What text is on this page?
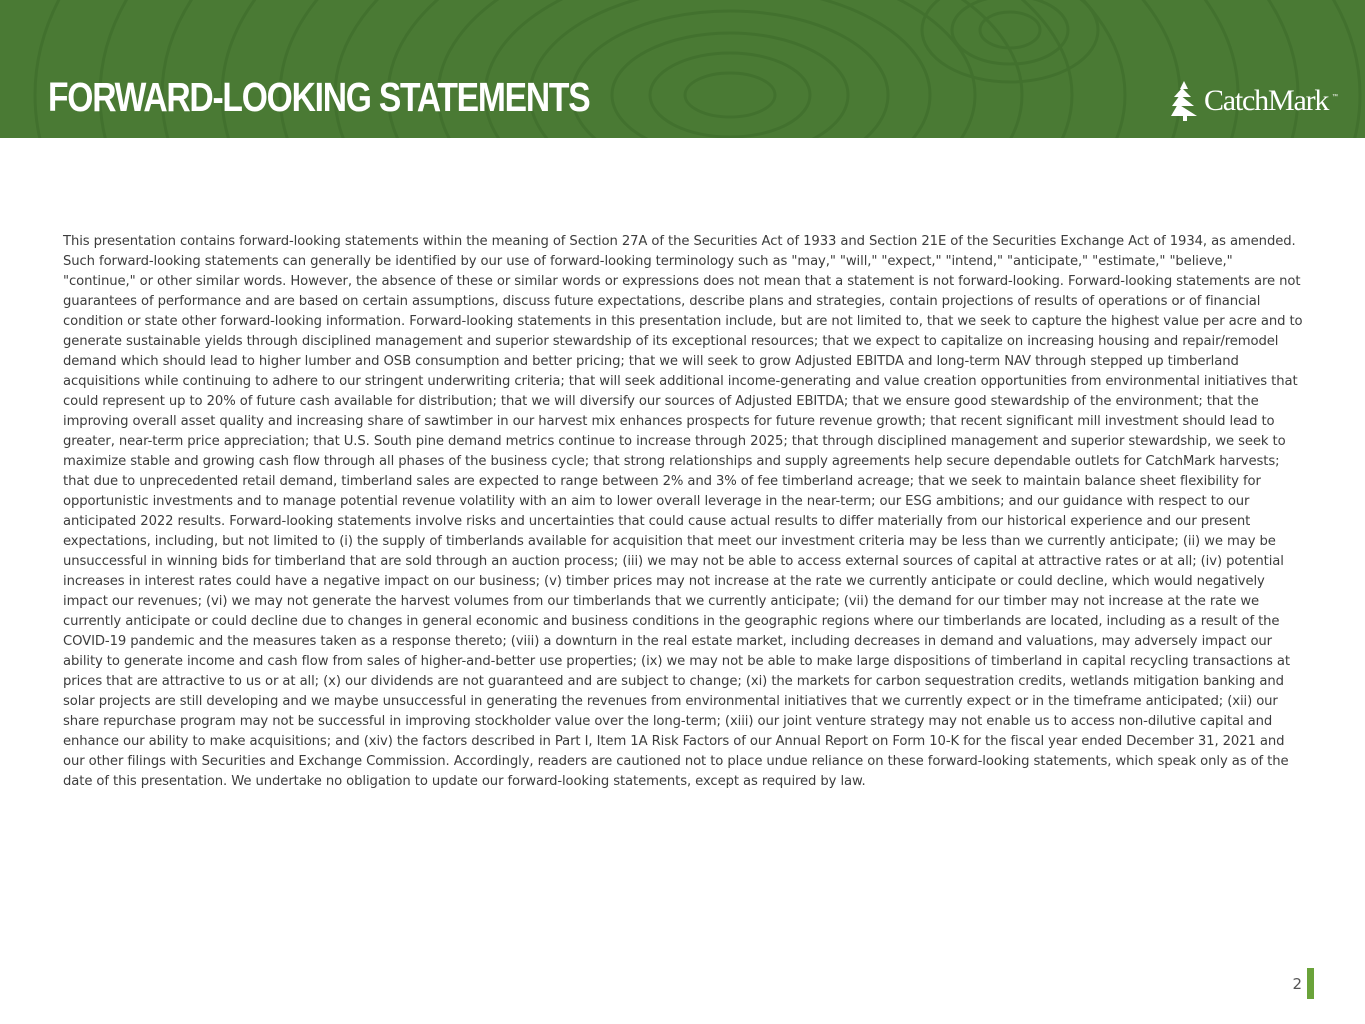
FORWARD-LOOKING STATEMENTS	CatchMark ™

This presentation contains forward-looking statements within the meaning of Section 27A of the Securities Act of 1933 and Section 21E of the Securities Exchange Act of 1934, as amended. Such forward-looking statements can generally be identified by our use of forward-looking terminology such as "may," "will," "expect," "intend," "anticipate," "estimate," "believe," "continue," or other similar words. However, the absence of these or similar words or expressions does not mean that a statement is not forward-looking. Forward-looking statements are not guarantees of performance and are based on certain assumptions, discuss future expectations, describe plans and strategies, contain projections of results of operations or of financial condition or state other forward-looking information. Forward-looking statements in this presentation include, but are not limited to, that we seek to capture the highest value per acre and to generate sustainable yields through disciplined management and superior stewardship of its exceptional resources; that we expect to capitalize on increasing housing and repair/remodel demand which should lead to higher lumber and OSB consumption and better pricing; that we will seek to grow Adjusted EBITDA and long-term NAV through stepped up timberland acquisitions while continuing to adhere to our stringent underwriting criteria; that will seek additional income-generating and value creation opportunities from environmental initiatives that could represent up to 20% of future cash available for distribution; that we will diversify our sources of Adjusted EBITDA; that we ensure good stewardship of the environment; that the improving overall asset quality and increasing share of sawtimber in our harvest mix enhances prospects for future revenue growth; that recent significant mill investment should lead to greater, near-term price appreciation; that U.S. South pine demand metrics continue to increase through 2025; that through disciplined management and superior stewardship, we seek to maximize stable and growing cash flow through all phases of the business cycle; that strong relationships and supply agreements help secure dependable outlets for CatchMark harvests; that due to unprecedented retail demand, timberland sales are expected to range between 2% and 3% of fee timberland acreage; that we seek to maintain balance sheet flexibility for opportunistic investments and to manage potential revenue volatility with an aim to lower overall leverage in the near-term; our ESG ambitions; and our guidance with respect to our anticipated 2022 results. Forward-looking statements involve risks and uncertainties that could cause actual results to differ materially from our historical experience and our present expectations, including, but not limited to (i) the supply of timberlands available for acquisition that meet our investment criteria may be less than we currently anticipate; (ii) we may be unsuccessful in winning bids for timberland that are sold through an auction process; (iii) we may not be able to access external sources of capital at attractive rates or at all; (iv) potential increases in interest rates could have a negative impact on our business; (v) timber prices may not increase at the rate we currently anticipate or could decline, which would negatively impact our revenues; (vi) we may not generate the harvest volumes from our timberlands that we currently anticipate; (vii) the demand for our timber may not increase at the rate we currently anticipate or could decline due to changes in general economic and business conditions in the geographic regions where our timberlands are located, including as a result of the COVID-19 pandemic and the measures taken as a response thereto; (viii) a downturn in the real estate market, including decreases in demand and valuations, may adversely impact our ability to generate income and cash flow from sales of higher-and-better use properties; (ix) we may not be able to make large dispositions of timberland in capital recycling transactions at prices that are attractive to us or at all; (x) our dividends are not guaranteed and are subject to change; (xi) the markets for carbon sequestration credits, wetlands mitigation banking and solar projects are still developing and we maybe unsuccessful in generating the revenues from environmental initiatives that we currently expect or in the timeframe anticipated; (xii) our share repurchase program may not be successful in improving stockholder value over the long-term; (xiii) our joint venture strategy may not enable us to access non-dilutive capital and enhance our ability to make acquisitions; and (xiv) the factors described in Part I, Item 1A Risk Factors of our Annual Report on Form 10-K for the fiscal year ended December 31, 2021 and our other filings with Securities and Exchange Commission. Accordingly, readers are cautioned not to place undue reliance on these forward-looking statements, which speak only as of the date of this presentation. We undertake no obligation to update our forward-looking statements, except as required by law.

2
